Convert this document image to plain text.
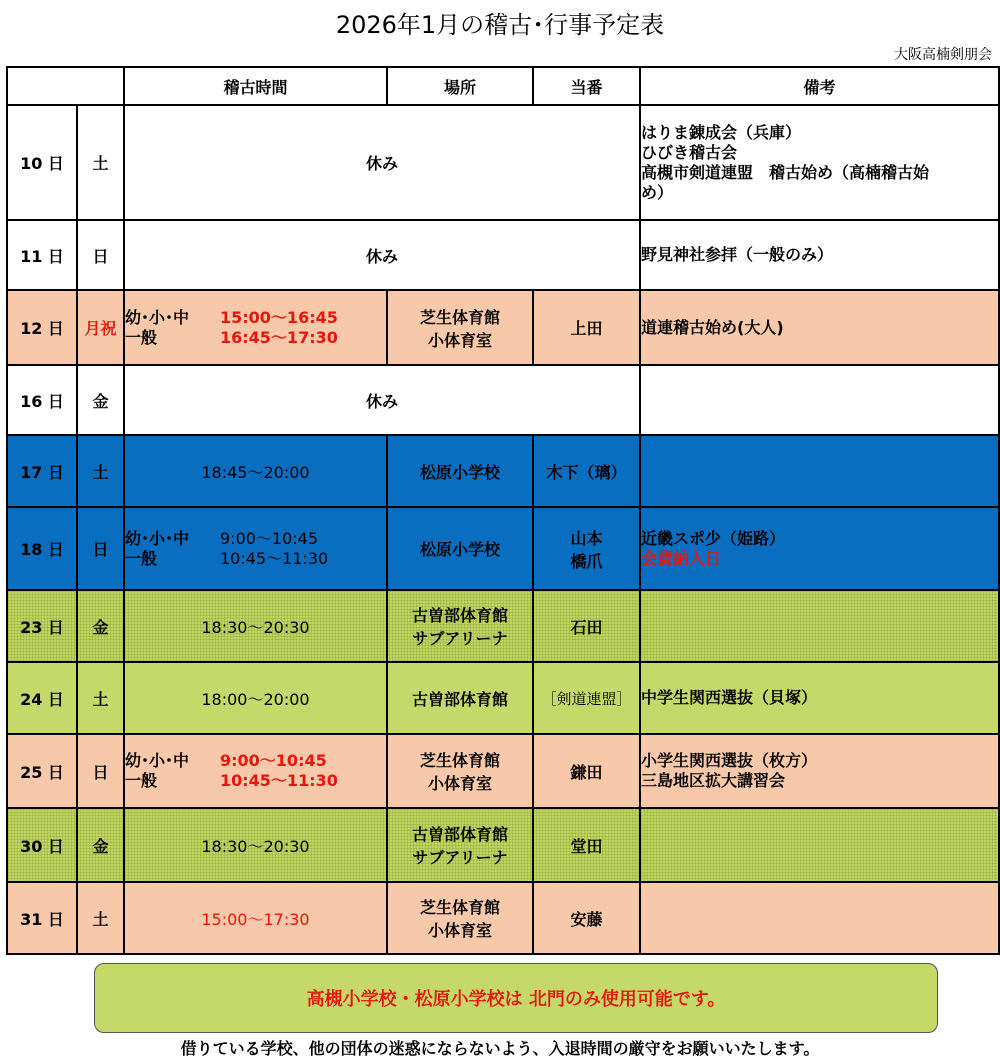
2026年1月の稽古･行事予定表
大阪高楠剣朋会
		稽古時間	場所	当番	備考
10 日	土	休み			はりま錬成会（兵庫）
ひびき稽古会
高槻市剣道連盟　稽古始め（高楠稽古始
め）

11 日	日	休み			野見神社参拝（一般のみ）

12 日	月祝	幼･小･中 15:00～16:45
一般 16:45～17:30	芝生体育館
小体育室	上田	道連稽古始め(大人)

16 日	金	休み			
17 日	土	18:45～20:00	松原小学校	木下（璃）	
18 日	日	幼･小･中 9:00～10:45
一般 10:45～11:30	松原小学校	山本
橋爪	近畿スポ少（姫路）
会費納入日

23 日	金	18:30～20:30	古曽部体育館
サブアリーナ	石田	
24 日	土	18:00～20:00	古曽部体育館	［剣道連盟］	中学生関西選抜（貝塚）

25 日	日	幼･小･中 9:00～10:45
一般 10:45～11:30	芝生体育館
小体育室	鎌田	小学生関西選抜（枚方）
三島地区拡大講習会

30 日	金	18:30～20:30	古曽部体育館
サブアリーナ	堂田	
31 日	土	15:00～17:30	芝生体育館
小体育室	安藤	
高槻小学校・松原小学校は 北門のみ使用可能です。
借りている学校、他の団体の迷惑にならないよう、入退時間の厳守をお願いいたします。
